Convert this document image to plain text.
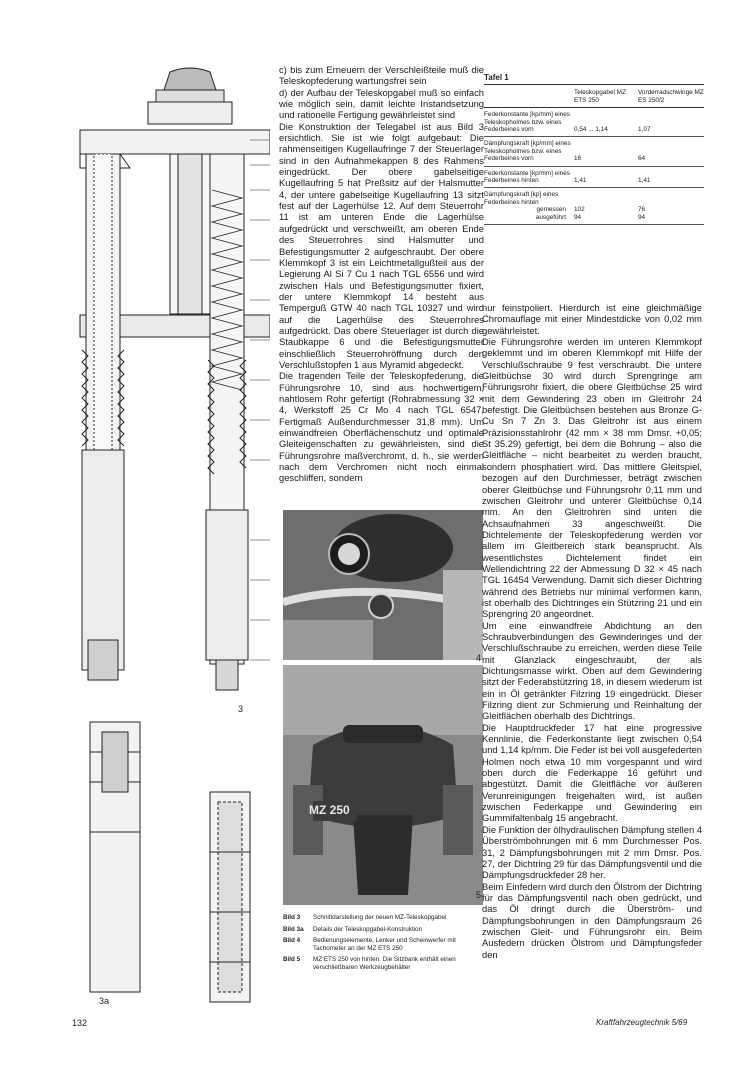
3
3a

c) bis zum Erneuern der Verschleißteile muß die Teleskopfederung wartungsfrei sein

d) der Aufbau der Teleskopgabel muß so einfach wie möglich sein, damit leichte Instandsetzung und rationelle Fertigung gewährleistet sind

Die Konstruktion der Telegabel ist aus Bild 3 ersichtlich. Sie ist wie folgt aufgebaut: Die rahmenseitigen Kugellaufringe 7 der Steuerlager sind in den Aufnahmekappen 8 des Rahmens eingedrückt. Der obere gabelseitige Kugellaufring 5 hat Preßsitz auf der Halsmutter 4, der untere gabelseitige Kugellaufring 13 sitzt fest auf der Lagerhülse 12. Auf dem Steuerrohr 11 ist am unteren Ende die Lagerhülse aufgedrückt und verschweißt, am oberen Ende des Steuerrohres sind Halsmutter und Befestigungsmutter 2 aufgeschraubt. Der obere Klemmkopf 3 ist ein Leichtmetallgußteil aus der Legierung Al Si 7 Cu 1 nach TGL 6556 und wird zwischen Hals und Befestigungsmutter fixiert, der untere Klemmkopf 14 besteht aus Temperguß GTW 40 nach TGL 10327 und wird auf die Lagerhülse des Steuerrohres aufgedrückt. Das obere Steuerlager ist durch die Staubkappe 6 und die Befestigungsmutter einschließlich Steuerrohröffnung durch den Verschlußstopfen 1 aus Myramid abgedeckt.

Die tragenden Teile der Teleskopfederung, die Führungsrohre 10, sind aus hochwertigem, nahtlosem Rohr gefertigt (Rohrabmessung 32 × 4, Werkstoff 25 Cr Mo 4 nach TGL 6547, Fertigmaß Außendurchmesser 31,8 mm). Um einwandfreien Oberflächenschutz und optimale Gleiteigenschaften zu gewährleisten, sind die Führungsrohre maßverchromt, d. h., sie werden nach dem Verchromen nicht noch einmal geschliffen, sondern

Tafel 1
Teleskopgabel MZ ETS 250
Vorderradschwinge MZ ES 250/2
Federkonstante [kp/mm] eines Teleskopholmes bzw. eines Federbeines vorn	0,54 ... 1,14	1,07
Dämpfungskraft [kp/mm] eines Teleskopholmes bzw. eines Federbeines vorn	16	64
Federkonstante [kp/mm] eines Federbeines hinten	1,41	1,41
Dämpfungskraft [kp] eines Federbeines hinten
gemessen	102	76
ausgeführt	94	94
4
MZ 250
5
Bild 3	Schnittdarstellung der neuen MZ-Teleskopgabel
Bild 3a	Details der Teleskopgabel-Konstruktion
Bild 4	Bedienungselemente, Lenker und Scheinwerfer mit Tachometer an der MZ ETS 250
Bild 5	MZ ETS 250 von hinten. Die Sitzbank enthält einen verschließbaren Werkzeugbehälter

nur feinstpoliert. Hierdurch ist eine gleichmäßige Chromauflage mit einer Mindestdicke von 0,02 mm gewährleistet.

Die Führungsrohre werden im unteren Klemmkopf geklemmt und im oberen Klemmkopf mit Hilfe der Verschlußschraube 9 fest verschraubt. Die untere Gleitbüchse 30 wird durch Sprengringe am Führungsrohr fixiert, die obere Gleitbüchse 25 wird mit dem Gewindering 23 oben im Gleitrohr 24 befestigt. Die Gleitbüchsen bestehen aus Bronze G-Cu Sn 7 Zn 3. Das Gleitrohr ist aus einem Präzisionsstahlrohr (42 mm × 38 mm Dmsr. +0,05; St 35.29) gefertigt, bei dem die Bohrung – also die Gleitfläche – nicht bearbeitet zu werden braucht, sondern phosphatiert wird. Das mittlere Gleitspiel, bezogen auf den Durchmesser, beträgt zwischen oberer Gleitbüchse und Führungsrohr 0,11 mm und zwischen Gleitrohr und unterer Gleitbüchse 0,14 mm. An den Gleitrohren sind unten die Achsaufnahmen 33 angeschweißt. Die Dichtelemente der Teleskopfederung werden vor allem im Gleitbereich stark beansprucht. Als wesentlichstes Dichtelement findet ein Wellendichtring 22 der Abmessung D 32 × 45 nach TGL 16454 Verwendung. Damit sich dieser Dichtring während des Betriebs nur minimal verformen kann, ist oberhalb des Dichtringes ein Stützring 21 und ein Sprengring 20 angeordnet.

Um eine einwandfreie Abdichtung an den Schraubverbindungen des Gewinderinges und der Verschlußschraube zu erreichen, werden diese Teile mit Glanzlack eingeschraubt, der als Dichtungsmasse wirkt. Oben auf dem Gewindering sitzt der Federabstützring 18, in diesem wiederum ist ein in Öl getränkter Filzring 19 eingedrückt. Dieser Filzring dient zur Schmierung und Reinhaltung der Gleitflächen oberhalb des Dichtrings.

Die Hauptdruckfeder 17 hat eine progressive Kennlinie, die Federkonstante liegt zwischen 0,54 und 1,14 kp/mm. Die Feder ist bei voll ausgefederten Holmen noch etwa 10 mm vorgespannt und wird oben durch die Federkappe 16 geführt und abgestützt. Damit die Gleitfläche vor äußeren Verunreinigungen freigehalten wird, ist außen zwischen Federkappe und Gewindering ein Gummifaltenbalg 15 angebracht.

Die Funktion der ölhydraulischen Dämpfung stellen 4 Überströmbohrungen mit 6 mm Durchmesser Pos. 31, 2 Dämpfungsbohrungen mit 2 mm Dmsr. Pos. 27, der Dichtring 29 für das Dämpfungsventil und die Dämpfungsdruckfeder 28 her.

Beim Einfedern wird durch den Ölstrom der Dichtring für das Dämpfungsventil nach oben gedrückt, und das Öl dringt durch die Überström- und Dämpfungsbohrungen in den Dämpfungsraum 26 zwischen Gleit- und Führungsrohr ein. Beim Ausfedern drücken Ölstrom und Dämpfungsfeder den

132	Kraftfahrzeugtechnik 5/69
